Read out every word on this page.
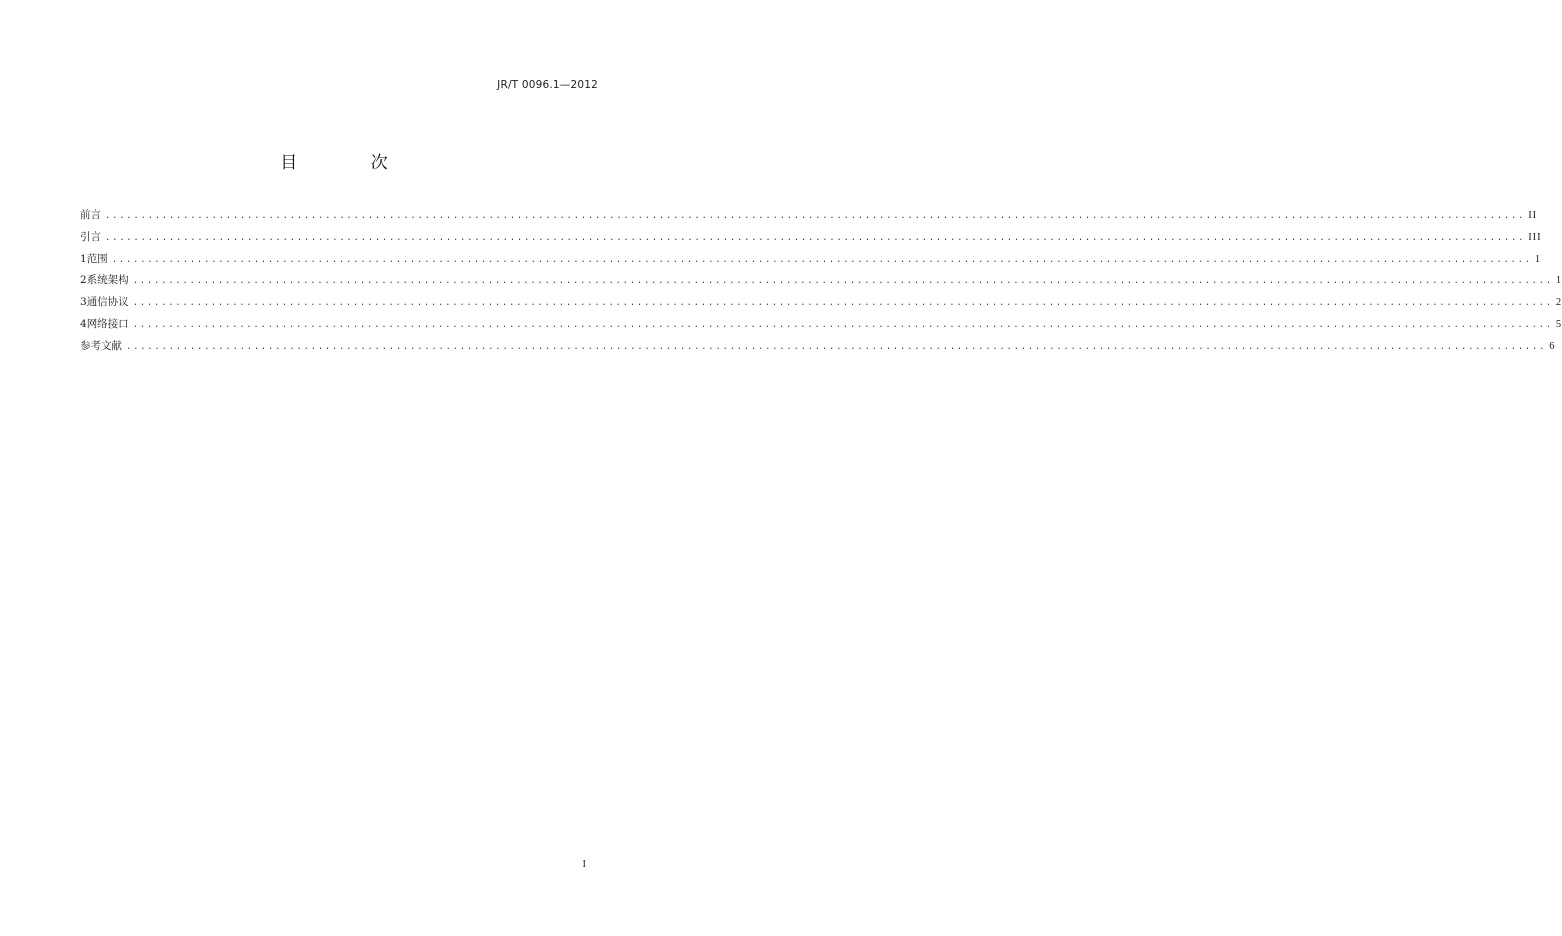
JR/T 0096.1—2012
目 次
前言 ........................................................................................................................................................................................................ II
引言 ........................................................................................................................................................................................................ III
1 范围 ........................................................................................................................................................................................................ 1
2 系统架构 ........................................................................................................................................................................................................ 1
3 通信协议 ........................................................................................................................................................................................................ 2
4 网络接口 ........................................................................................................................................................................................................ 5
参考文献 ........................................................................................................................................................................................................ 6
I
